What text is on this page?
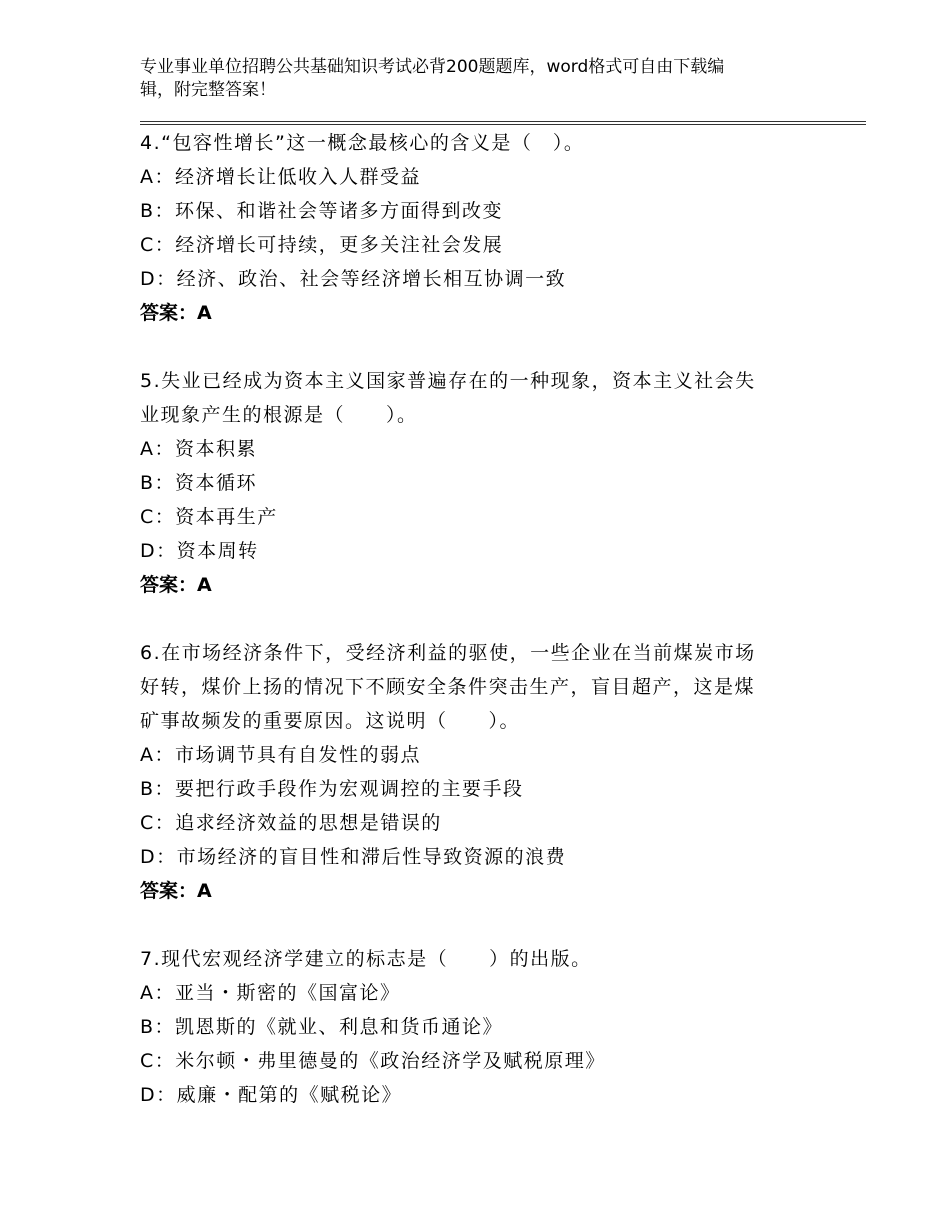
专业事业单位招聘公共基础知识考试必背200题题库，word格式可自由下载编
辑，附完整答案！
4.“包容性增长”这一概念最核心的含义是（　）。
A：经济增长让低收入人群受益
B：环保、和谐社会等诸多方面得到改变
C：经济增长可持续，更多关注社会发展
D：经济、政治、社会等经济增长相互协调一致
答案：A
5.失业已经成为资本主义国家普遍存在的一种现象，资本主义社会失
业现象产生的根源是（　　）。
A：资本积累
B：资本循环
C：资本再生产
D：资本周转
答案：A
6.在市场经济条件下，受经济利益的驱使，一些企业在当前煤炭市场
好转，煤价上扬的情况下不顾安全条件突击生产，盲目超产，这是煤
矿事故频发的重要原因。这说明（　　）。
A：市场调节具有自发性的弱点
B：要把行政手段作为宏观调控的主要手段
C：追求经济效益的思想是错误的
D：市场经济的盲目性和滞后性导致资源的浪费
答案：A
7.现代宏观经济学建立的标志是（　　）的出版。
A：亚当・斯密的《国富论》
B：凯恩斯的《就业、利息和货币通论》
C：米尔顿・弗里德曼的《政治经济学及赋税原理》
D：威廉・配第的《赋税论》
